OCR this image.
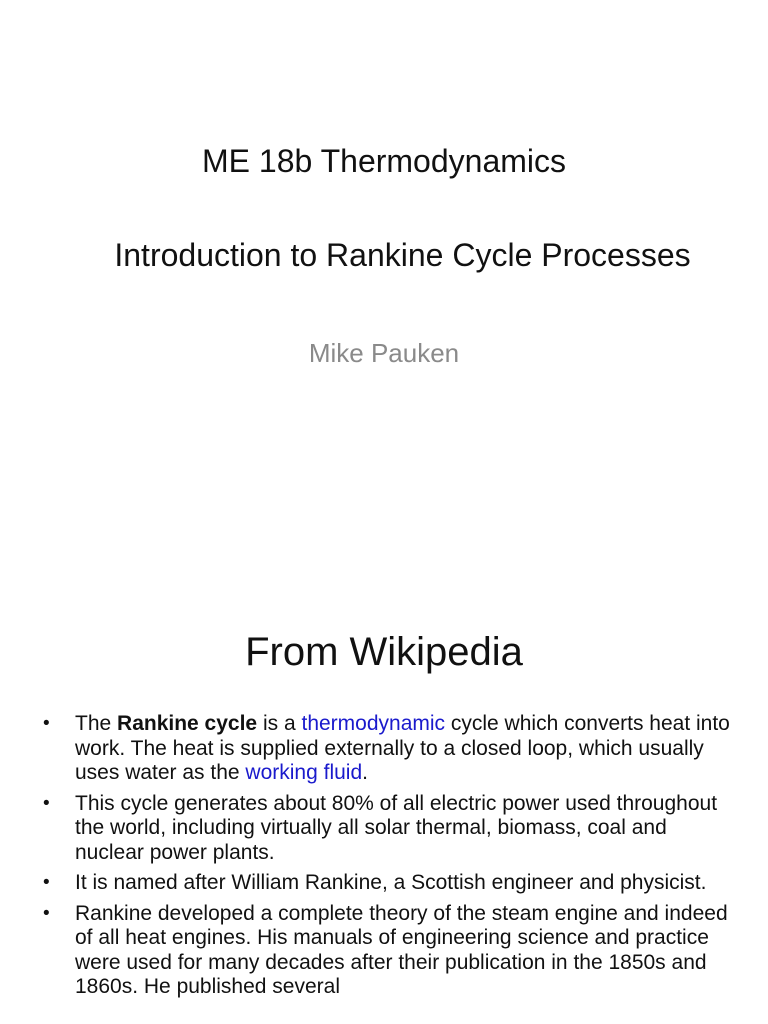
ME 18b Thermodynamics
Introduction to Rankine Cycle Processes
Mike Pauken
From Wikipedia
• The Rankine cycle is a thermodynamic cycle which converts heat into work. The heat is supplied externally to a closed loop, which usually uses water as the working fluid.
• This cycle generates about 80% of all electric power used throughout the world, including virtually all solar thermal, biomass, coal and nuclear power plants.
• It is named after William Rankine, a Scottish engineer and physicist.
• Rankine developed a complete theory of the steam engine and indeed of all heat engines. His manuals of engineering science and practice were used for many decades after their publication in the 1850s and 1860s. He published several
